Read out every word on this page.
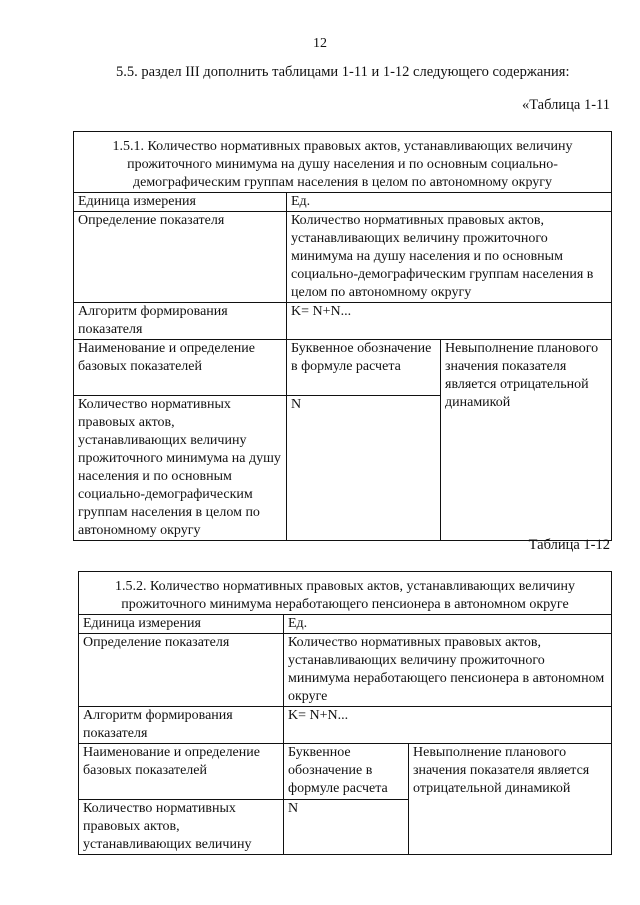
12
5.5. раздел III дополнить таблицами 1-11 и 1-12 следующего содержания:
«Таблица 1-11
1.5.1. Количество нормативных правовых актов, устанавливающих величину прожиточного минимума на душу населения и по основным социально-демографическим группам населения в целом по автономному округу		
Единица измерения	Ед.	
Определение показателя	Количество нормативных правовых актов, устанавливающих величину прожиточного минимума на душу населения и по основным социально-демографическим группам населения в целом по автономному округу	
Алгоритм формирования показателя	K= N+N...	
Наименование и определение базовых показателей	Буквенное обозначение в формуле расчета	Невыполнение планового значения показателя является отрицательной динамикой
Количество нормативных правовых актов, устанавливающих величину прожиточного минимума на душу населения и по основным социально-демографическим группам населения в целом по автономному округу	N	
Таблица 1-12
1.5.2. Количество нормативных правовых актов, устанавливающих величину прожиточного минимума неработающего пенсионера в автономном округе		
Единица измерения	Ед.	
Определение показателя	Количество нормативных правовых актов, устанавливающих величину прожиточного минимума неработающего пенсионера в автономном округе	
Алгоритм формирования показателя	K= N+N...	
Наименование и определение базовых показателей	Буквенное обозначение в формуле расчета	Невыполнение планового значения показателя является отрицательной динамикой
Количество нормативных правовых актов, устанавливающих величину	N	
